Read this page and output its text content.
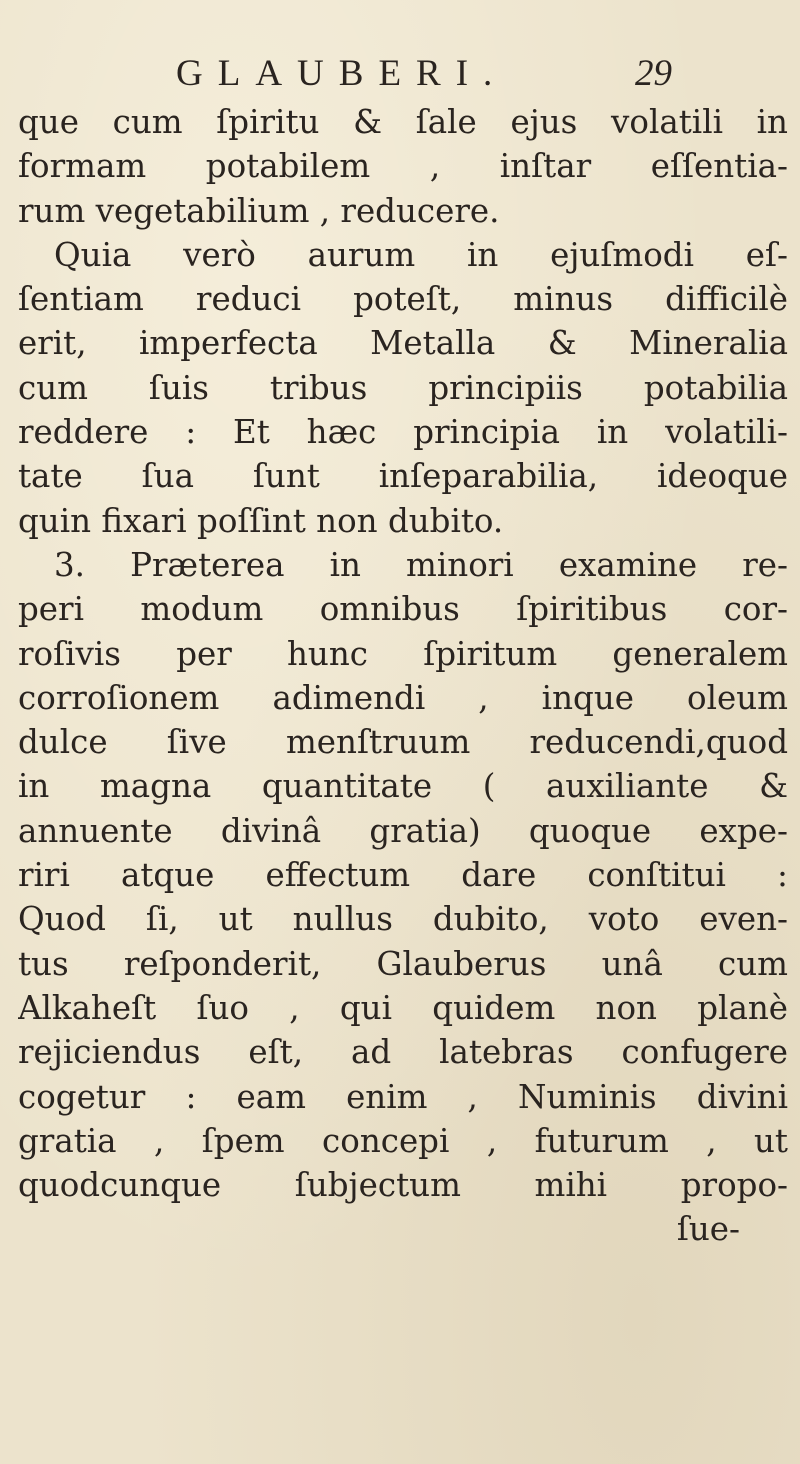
GLAUBERI.	29
que cum ſpiritu & ſale ejus volatili in
formam potabilem , inſtar eſſentia-
rum vegetabilium , reducere.
Quia verò aurum in ejuſmodi eſ-
ſentiam reduci poteſt, minus difficilè
erit, imperfecta Metalla & Mineralia
cum ſuis tribus principiis potabilia
reddere : Et hæc principia in volatili-
tate ſua ſunt inſeparabilia, ideoque
quin fixari poſſint non dubito.
3. Præterea in minori examine re-
peri modum omnibus ſpiritibus cor-
roſivis per hunc ſpiritum generalem
corroſionem adimendi , inque oleum
dulce ſive menſtruum reducendi,quod
in magna quantitate ( auxiliante &
annuente divinâ gratia) quoque expe-
riri atque effectum dare conſtitui :
Quod ſi, ut nullus dubito, voto even-
tus reſponderit, Glauberus unâ cum
Alkaheſt ſuo , qui quidem non planè
rejiciendus eſt, ad latebras confugere
cogetur : eam enim , Numinis divini
gratia , ſpem concepi , futurum , ut
quodcunque ſubjectum mihi propo-
ſue-
